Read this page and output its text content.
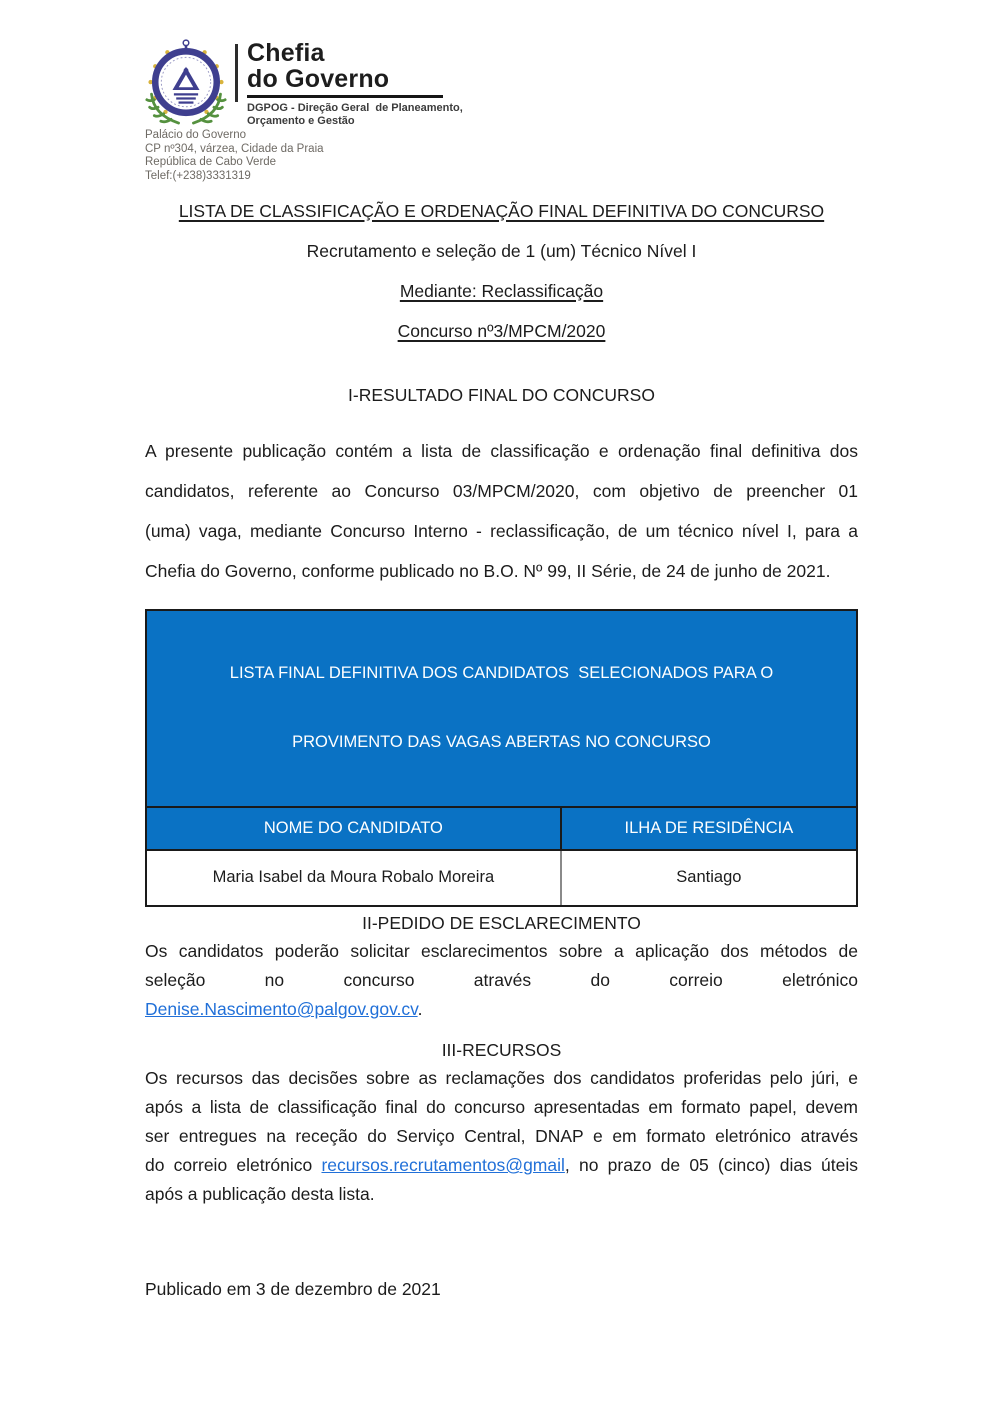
Chefia
do Governo
DGPOG - Direção Geral  de Planeamento,
Orçamento e Gestão
Palácio do Governo
CP nº304, várzea, Cidade da Praia
República de Cabo Verde
Telef:(+238)3331319
LISTA DE CLASSIFICAÇÃO E ORDENAÇÃO FINAL DEFINITIVA DO CONCURSO
Recrutamento e seleção de 1 (um) Técnico Nível I
Mediante: Reclassificação
Concurso nº3/MPCM/2020
I-RESULTADO FINAL DO CONCURSO
A presente publicação contém a lista de classificação e ordenação final definitiva dos
candidatos, referente ao Concurso 03/MPCM/2020, com objetivo de preencher 01
(uma) vaga, mediante Concurso Interno - reclassificação, de um técnico nível I, para a
Chefia do Governo, conforme publicado no B.O. Nº 99, II Série, de 24 de junho de 2021.

LISTA FINAL DEFINITIVA DOS CANDIDATOS  SELECIONADOS PARA O

PROVIMENTO DAS VAGAS ABERTAS NO CONCURSO

NOME DO CANDIDATO	ILHA DE RESIDÊNCIA
Maria Isabel da Moura Robalo Moreira	Santiago
II-PEDIDO DE ESCLARECIMENTO
Os candidatos poderão solicitar esclarecimentos sobre a aplicação dos métodos de
seleção no concurso através do correio eletrónico
Denise.Nascimento@palgov.gov.cv.
III-RECURSOS
Os recursos das decisões sobre as reclamações dos candidatos proferidas pelo júri, e
após a lista de classificação final do concurso apresentadas em formato papel, devem
ser entregues na receção do Serviço Central, DNAP e em formato eletrónico através
do correio eletrónico recursos.recrutamentos@gmail, no prazo de 05 (cinco) dias úteis
após a publicação desta lista.
Publicado em 3 de dezembro de 2021
